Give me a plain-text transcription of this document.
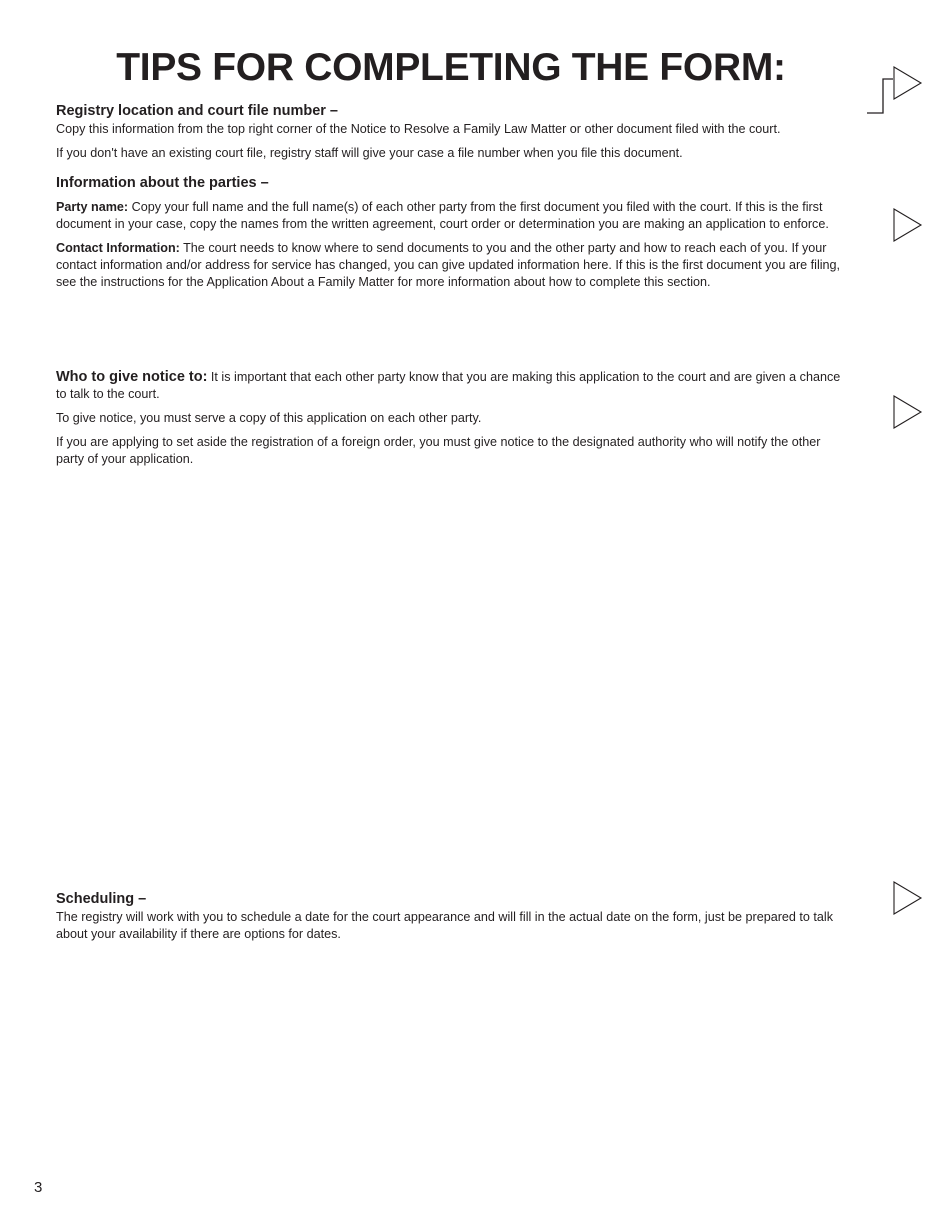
TIPS FOR COMPLETING THE FORM:
Registry location and court file number –

Copy this information from the top right corner of the Notice to Resolve a Family Law Matter or other document filed with the court.

If you don't have an existing court file, registry staff will give your case a file number when you file this document.

Information about the parties –

Party name: Copy your full name and the full name(s) of each other party from the first document you filed with the court. If this is the first document in your case, copy the names from the written agreement, court order or determination you are making an application to enforce.

Contact Information: The court needs to know where to send documents to you and the other party and how to reach each of you. If your contact information and/or address for service has changed, you can give updated information here. If this is the first document you are filing, see the instructions for the Application About a Family Matter for more information about how to complete this section.

Who to give notice to: It is important that each other party know that you are making this application to the court and are given a chance to talk to the court.

To give notice, you must serve a copy of this application on each other party.

If you are applying to set aside the registration of a foreign order, you must give notice to the designated authority who will notify the other party of your application.

Scheduling –

The registry will work with you to schedule a date for the court appearance and will fill in the actual date on the form, just be prepared to talk about your availability if there are options for dates.

3
